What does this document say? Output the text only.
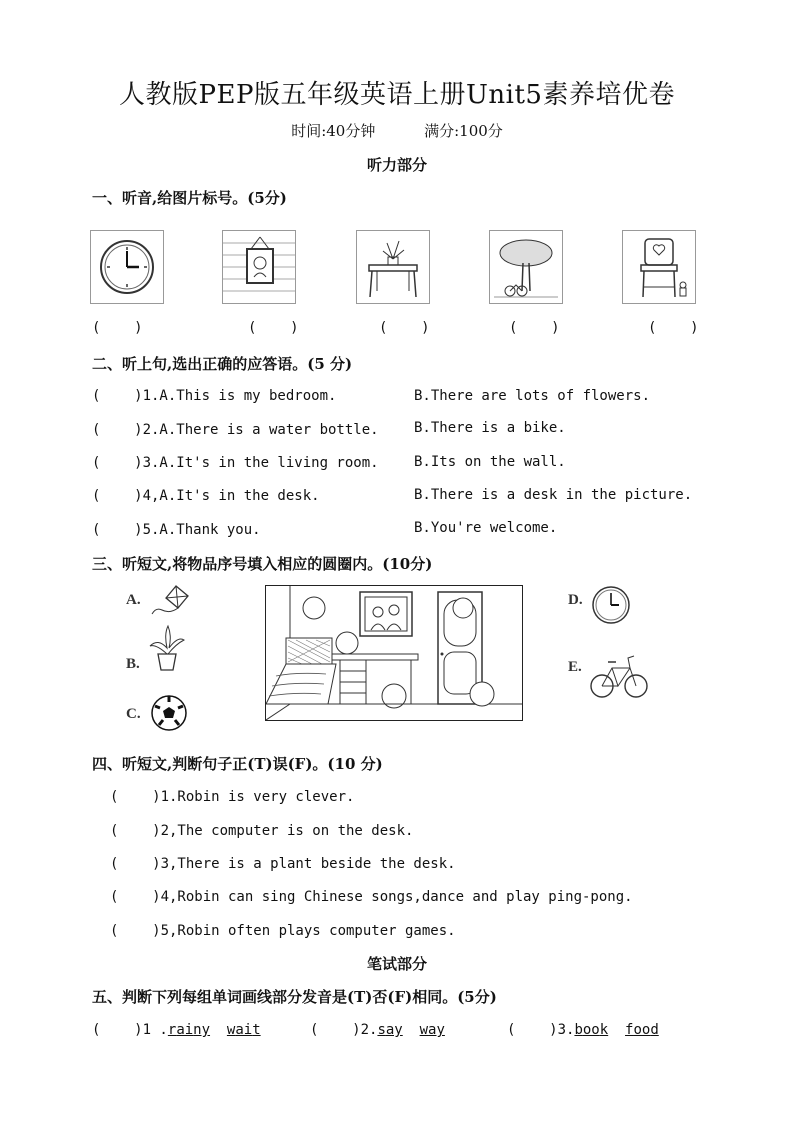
人教版PEP版五年级英语上册Unit5素养培优卷
时间:40分钟	满分:100分
听力部分
一、听音,给图片标号。(5分)
(    )	(    )	(    )	(    )	(    )
二、听上句,选出正确的应答语。(5 分)
(    )1.A.This is my bedroom.	B.There are lots of flowers.
(    )2.A.There is a water bottle.	B.There is a bike.
(    )3.A.It's in the living room.	B.Its on the wall.
(    )4,A.It's in the desk.	B.There is a desk in the picture.
(    )5.A.Thank you.	B.You're welcome.
三、听短文,将物品序号填入相应的圆圈内。(10分)
A.
B.
C.
D.
E.
四、听短文,判断句子正(T)误(F)。(10 分)
(    )1.Robin is very clever.
(    )2,The computer is on the desk.
(    )3,There is a plant beside the desk.
(    )4,Robin can sing Chinese songs,dance and play ping-pong.
(    )5,Robin often plays computer games.
笔试部分
五、判断下列每组单词画线部分发音是(T)否(F)相同。(5分)
(    )1 .rainy wait	(    )2.say way	(    )3.book food
